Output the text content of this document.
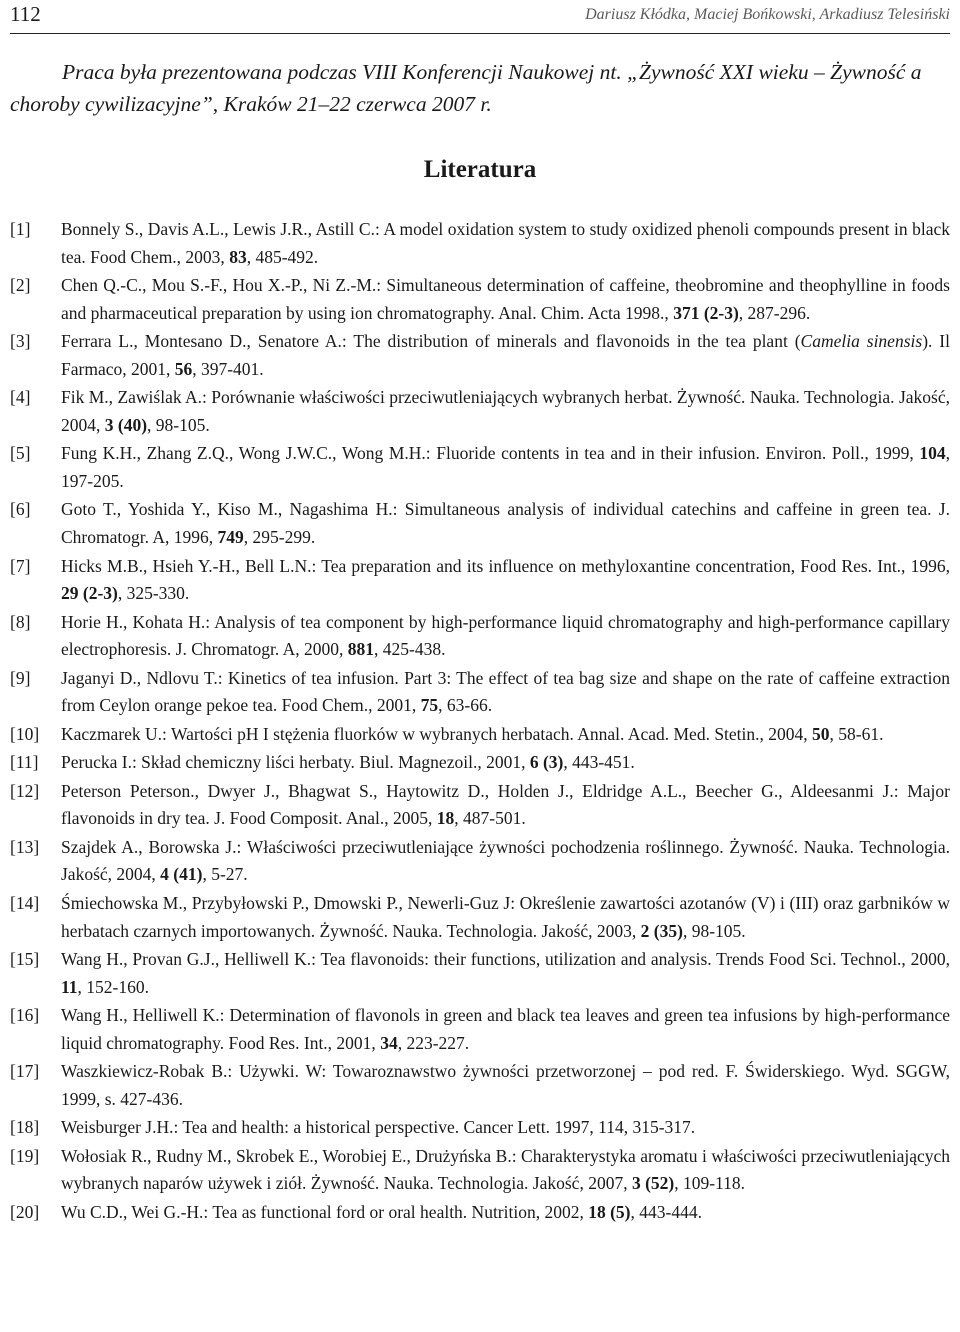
112	Dariusz Kłódka, Maciej Bońkowski, Arkadiusz Telesiński

Praca była prezentowana podczas VIII Konferencji Naukowej nt. „Żywność XXI wieku – Żywność a choroby cywilizacyjne”, Kraków 21–22 czerwca 2007 r.

Literatura
[1] Bonnely S., Davis A.L., Lewis J.R., Astill C.: A model oxidation system to study oxidized phenoli compounds present in black tea. Food Chem., 2003, 83, 485-492.
[2] Chen Q.-C., Mou S.-F., Hou X.-P., Ni Z.-M.: Simultaneous determination of caffeine, theobromine and theophylline in foods and pharmaceutical preparation by using ion chromatography. Anal. Chim. Acta 1998., 371 (2-3), 287-296.
[3] Ferrara L., Montesano D., Senatore A.: The distribution of minerals and flavonoids in the tea plant (Camelia sinensis). Il Farmaco, 2001, 56, 397-401.
[4] Fik M., Zawiślak A.: Porównanie właściwości przeciwutleniających wybranych herbat. Żywność. Nauka. Technologia. Jakość, 2004, 3 (40), 98-105.
[5] Fung K.H., Zhang Z.Q., Wong J.W.C., Wong M.H.: Fluoride contents in tea and in their infusion. Environ. Poll., 1999, 104, 197-205.
[6] Goto T., Yoshida Y., Kiso M., Nagashima H.: Simultaneous analysis of individual catechins and caffeine in green tea. J. Chromatogr. A, 1996, 749, 295-299.
[7] Hicks M.B., Hsieh Y.-H., Bell L.N.: Tea preparation and its influence on methyloxantine concentration, Food Res. Int., 1996, 29 (2-3), 325-330.
[8] Horie H., Kohata H.: Analysis of tea component by high-performance liquid chromatography and high-performance capillary electrophoresis. J. Chromatogr. A, 2000, 881, 425-438.
[9] Jaganyi D., Ndlovu T.: Kinetics of tea infusion. Part 3: The effect of tea bag size and shape on the rate of caffeine extraction from Ceylon orange pekoe tea. Food Chem., 2001, 75, 63-66.
[10] Kaczmarek U.: Wartości pH I stężenia fluorków w wybranych herbatach. Annal. Acad. Med. Stetin., 2004, 50, 58-61.
[11] Perucka I.: Skład chemiczny liści herbaty. Biul. Magnezoil., 2001, 6 (3), 443-451.
[12] Peterson Peterson., Dwyer J., Bhagwat S., Haytowitz D., Holden J., Eldridge A.L., Beecher G., Aldeesanmi J.: Major flavonoids in dry tea. J. Food Composit. Anal., 2005, 18, 487-501.
[13] Szajdek A., Borowska J.: Właściwości przeciwutleniające żywności pochodzenia roślinnego. Żywność. Nauka. Technologia. Jakość, 2004, 4 (41), 5-27.
[14] Śmiechowska M., Przybyłowski P., Dmowski P., Newerli-Guz J: Określenie zawartości azotanów (V) i (III) oraz garbników w herbatach czarnych importowanych. Żywność. Nauka. Technologia. Jakość, 2003, 2 (35), 98-105.
[15] Wang H., Provan G.J., Helliwell K.: Tea flavonoids: their functions, utilization and analysis. Trends Food Sci. Technol., 2000, 11, 152-160.
[16] Wang H., Helliwell K.: Determination of flavonols in green and black tea leaves and green tea infusions by high-performance liquid chromatography. Food Res. Int., 2001, 34, 223-227.
[17] Waszkiewicz-Robak B.: Używki. W: Towaroznawstwo żywności przetworzonej – pod red. F. Świderskiego. Wyd. SGGW, 1999, s. 427-436.
[18] Weisburger J.H.: Tea and health: a historical perspective. Cancer Lett. 1997, 114, 315-317.
[19] Wołosiak R., Rudny M., Skrobek E., Worobiej E., Drużyńska B.: Charakterystyka aromatu i właściwości przeciwutleniających wybranych naparów używek i ziół. Żywność. Nauka. Technologia. Jakość, 2007, 3 (52), 109-118.
[20] Wu C.D., Wei G.-H.: Tea as functional ford or oral health. Nutrition, 2002, 18 (5), 443-444.
